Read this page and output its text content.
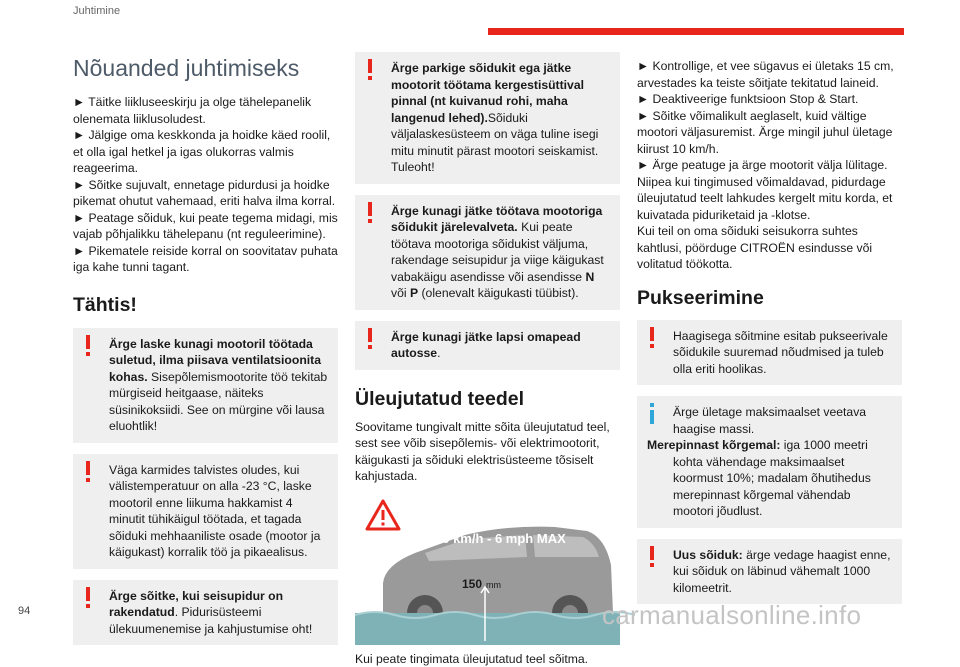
Juhtimine
Nõuanded juhtimiseks

► Täitke liikluseeskirju ja olge tähelepanelik olenemata liiklusoludest.

► Jälgige oma keskkonda ja hoidke käed roolil, et olla igal hetkel ja igas olukorras valmis reageerima.

► Sõitke sujuvalt, ennetage pidurdusi ja hoidke pikemat ohutut vahemaad, eriti halva ilma korral.

► Peatage sõiduk, kui peate tegema midagi, mis vajab põhjalikku tähelepanu (nt reguleerimine).

► Pikematele reiside korral on soovitatav puhata iga kahe tunni tagant.

Tähtis!
Ärge laske kunagi mootoril töötada suletud, ilma piisava ventilatsioonita kohas. Sisepõlemismootorite töö tekitab mürgiseid heitgaase, näiteks süsinikoksiidi. See on mürgine või lausa eluohtlik!
Väga karmides talvistes oludes, kui välistemperatuur on alla -23 °C, laske mootoril enne liikuma hakkamist 4 minutit tühikäigul töötada, et tagada sõiduki mehhaaniliste osade (mootor ja käigukast) korralik töö ja pikaealisus.
Ärge sõitke, kui seisupidur on rakendatud. Pidurisüsteemi ülekuumenemise ja kahjustumise oht!
Ärge parkige sõidukit ega jätke mootorit töötama kergestisüttival pinnal (nt kuivanud rohi, maha langenud lehed).Sõiduki väljalaskesüsteem on väga tuline isegi mitu minutit pärast mootori seiskamist. Tuleoht!
Ärge kunagi jätke töötava mootoriga sõidukit järelevalveta. Kui peate töötava mootoriga sõidukist väljuma, rakendage seisupidur ja viige käigukast vabakäigu asendisse või asendisse N või P (olenevalt käigukasti tüübist).
Ärge kunagi jätke lapsi omapead autosse.
Üleujutatud teedel

Soovitame tungivalt mitte sõita üleujutatud teel, sest see võib sisepõlemis- või elektrimootorit, käigukasti ja sõiduki elektrisüsteeme tõsiselt kahjustada.

10 km/h - 6 mph MAX
150 mm

Kui peate tingimata üleujutatud teel sõitma.

► Kontrollige, et vee sügavus ei ületaks 15 cm, arvestades ka teiste sõitjate tekitatud laineid.

► Deaktiveerige funktsioon Stop & Start.

► Sõitke võimalikult aeglaselt, kuid vältige mootori väljasuremist. Ärge mingil juhul ületage kiirust 10 km/h.

► Ärge peatuge ja ärge mootorit välja lülitage.

Niipea kui tingimused võimaldavad, pidurdage üleujutatud teelt lahkudes kergelt mitu korda, et kuivatada piduriketaid ja -klotse.

Kui teil on oma sõiduki seisukorra suhtes kahtlusi, pöörduge CITROËN esindusse või volitatud töökotta.

Pukseerimine
Haagisega sõitmine esitab pukseerivale sõidukile suuremad nõudmised ja tuleb olla eriti hoolikas.
Ärge ületage maksimaalset veetava haagise massi.
Merepinnast kõrgemal: iga 1000 meetri kohta vähendage maksimaalset koormust 10%; madalam õhutihedus merepinnast kõrgemal vähendab mootori jõudlust.
Uus sõiduk: ärge vedage haagist enne, kui sõiduk on läbinud vähemalt 1000 kilomeetrit.
94	carmanualsonline.info
